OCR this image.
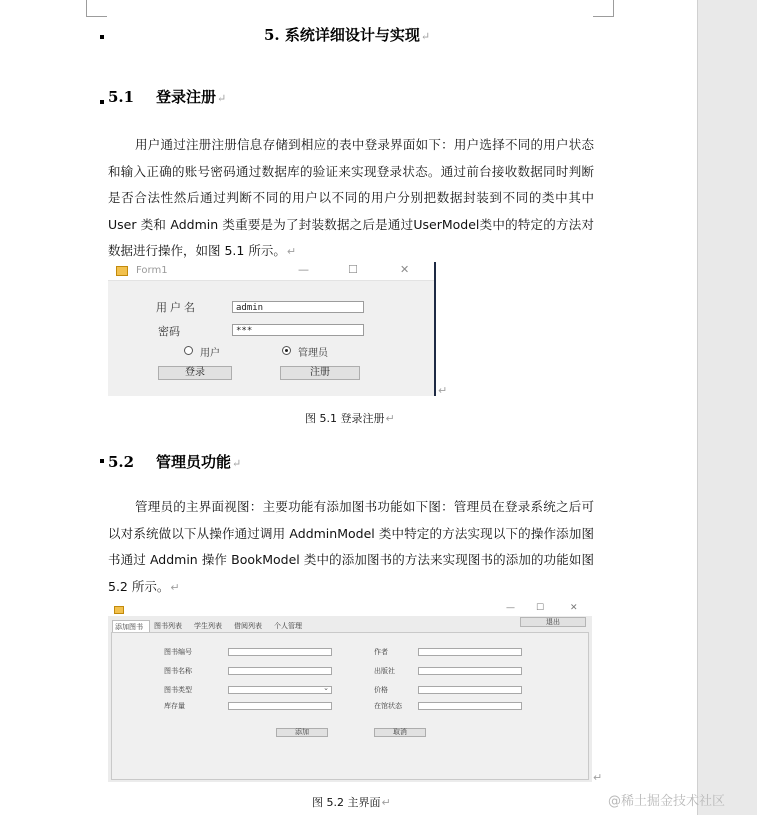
5. 系统详细设计与实现↵
5.1 登录注册↵

用户通过注册注册信息存储到相应的表中登录界面如下：用户选择不同的用户状态和输入正确的账号密码通过数据库的验证来实现登录状态。通过前台接收数据同时判断是否合法性然后通过判断不同的用户以不同的用户分别把数据封装到不同的类中其中 User 类和 Addmin 类重要是为了封装数据之后是通过UserModel类中的特定的方法对数据进行操作，如图 5.1 所示。↵

Form1	—	☐	✕
用户名	admin
密码	***
用户	管理员
登录	注册
↵
图 5.1 登录注册↵
5.2 管理员功能↵

管理员的主界面视图：主要功能有添加图书功能如下图：管理员在登录系统之后可以对系统做以下从操作通过调用 AddminModel 类中特定的方法实现以下的操作添加图书通过 Addmin 操作 BookModel 类中的添加图书的方法来实现图书的添加的功能如图 5.2 所示。↵

— ☐	✕
退出
添加图书	图书列表	学生列表	借阅列表	个人管理
图书编号	作者
图书名称	出版社
图书类型
⌄	价格
库存量	在馆状态
添加	取消
↵
图 5.2 主界面↵	@稀土掘金技术社区
